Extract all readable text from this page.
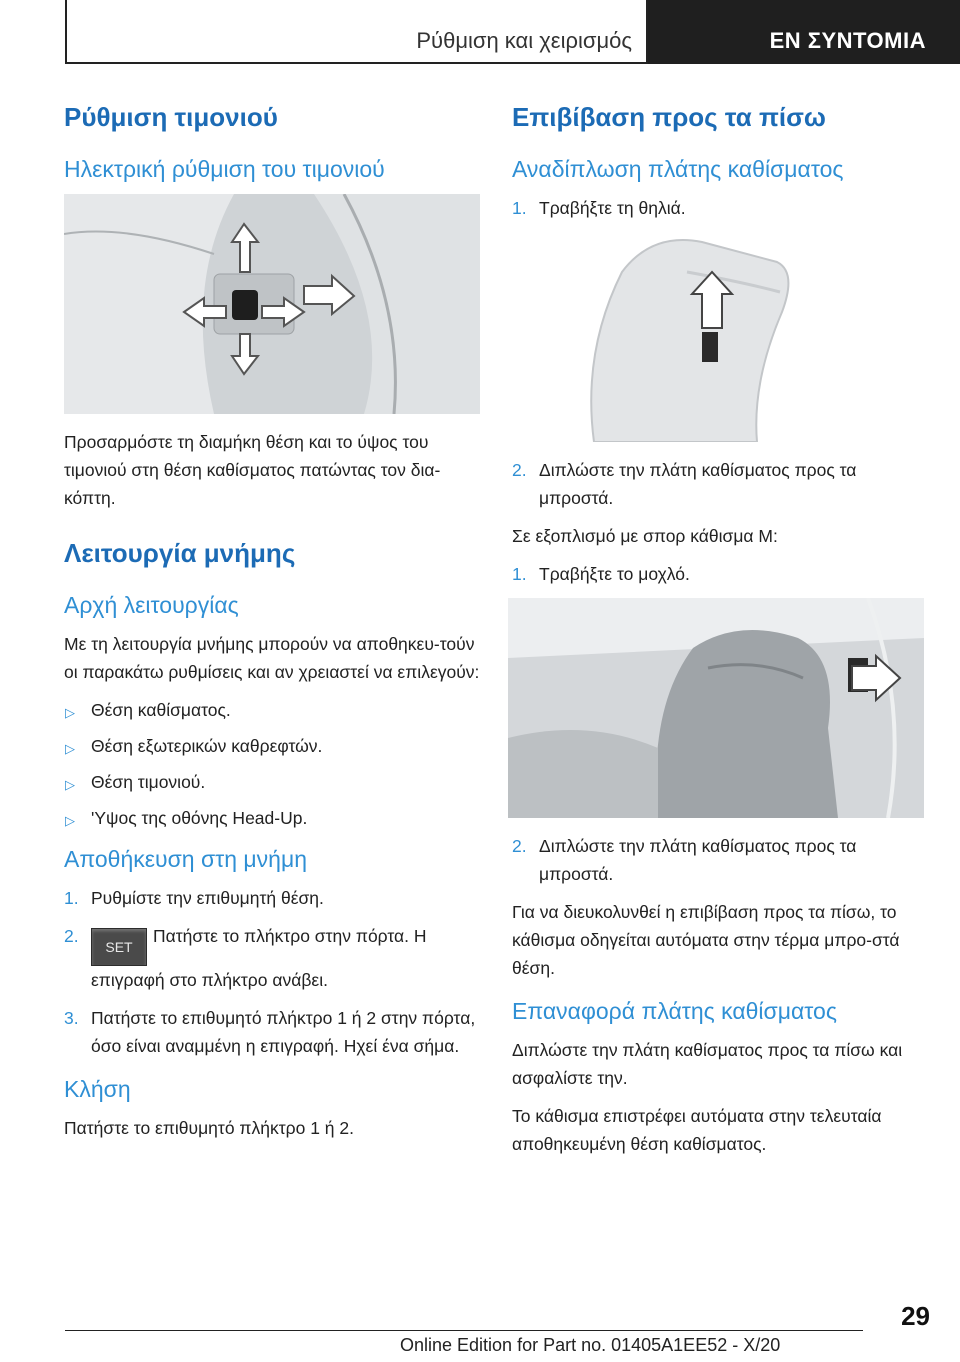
Ρύθμιση και χειρισμός	ΕΝ ΣΥΝΤΟΜΙΑ
Ρύθμιση τιμονιού
Ηλεκτρική ρύθμιση του τιμονιού

Προσαρμόστε τη διαμήκη θέση και το ύψος του τιμονιού στη θέση καθίσματος πατώντας τον δια-κόπτη.

Λειτουργία μνήμης
Αρχή λειτουργίας

Με τη λειτουργία μνήμης μπορούν να αποθηκευ-τούν οι παρακάτω ρυθμίσεις και αν χρειαστεί να επιλεγούν:

▷ Θέση καθίσματος.
▷ Θέση εξωτερικών καθρεφτών.
▷ Θέση τιμονιού.
▷ 'Υψος της οθόνης Head-Up.
Αποθήκευση στη μνήμη
1. Ρυθμίστε την επιθυμητή θέση.
2.
SETΠατήστε το πλήκτρο στην πόρτα. Η επιγραφή στο πλήκτρο ανάβει.
3. Πατήστε το επιθυμητό πλήκτρο 1 ή 2 στην πόρτα, όσο είναι αναμμένη η επιγραφή. Ηχεί ένα σήμα.
Κλήση

Πατήστε το επιθυμητό πλήκτρο 1 ή 2.

Επιβίβαση προς τα πίσω
Αναδίπλωση πλάτης καθίσματος
1. Τραβήξτε τη θηλιά.
2. Διπλώστε την πλάτη καθίσματος προς τα μπροστά.

Σε εξοπλισμό με σπορ κάθισμα M:

1. Τραβήξτε το μοχλό.
2. Διπλώστε την πλάτη καθίσματος προς τα μπροστά.

Για να διευκολυνθεί η επιβίβαση προς τα πίσω, το κάθισμα οδηγείται αυτόματα στην τέρμα μπρο-στά θέση.

Επαναφορά πλάτης καθίσματος

Διπλώστε την πλάτη καθίσματος προς τα πίσω και ασφαλίστε την.

Το κάθισμα επιστρέφει αυτόματα στην τελευταία αποθηκευμένη θέση καθίσματος.

29
Online Edition for Part no. 01405A1EE52 - X/20
